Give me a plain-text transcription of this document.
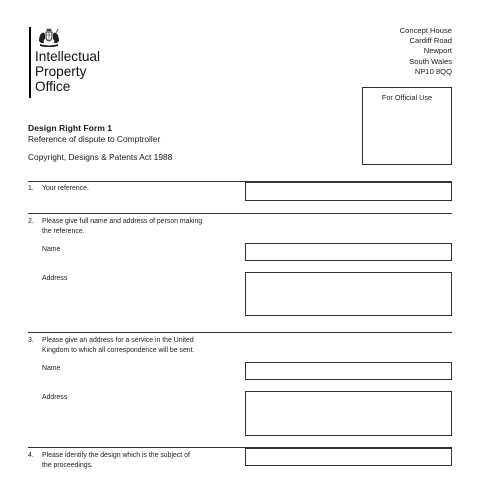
Intellectual
Property
Office
Concept House
Cardiff Road
Newport
South Wales
NP10 8QQ
For Official Use
Design Right Form 1
Reference of dispute to Comptroller
Copyright, Designs & Patents Act 1988
1. Your reference.
2. Please give full name and address of person making
the reference.
Name
Address
3. Please give an address for a service in the United
Kingdom to which all correspondence will be sent.
Name
Address
4. Please identify the design which is the subject of
the proceedings.
